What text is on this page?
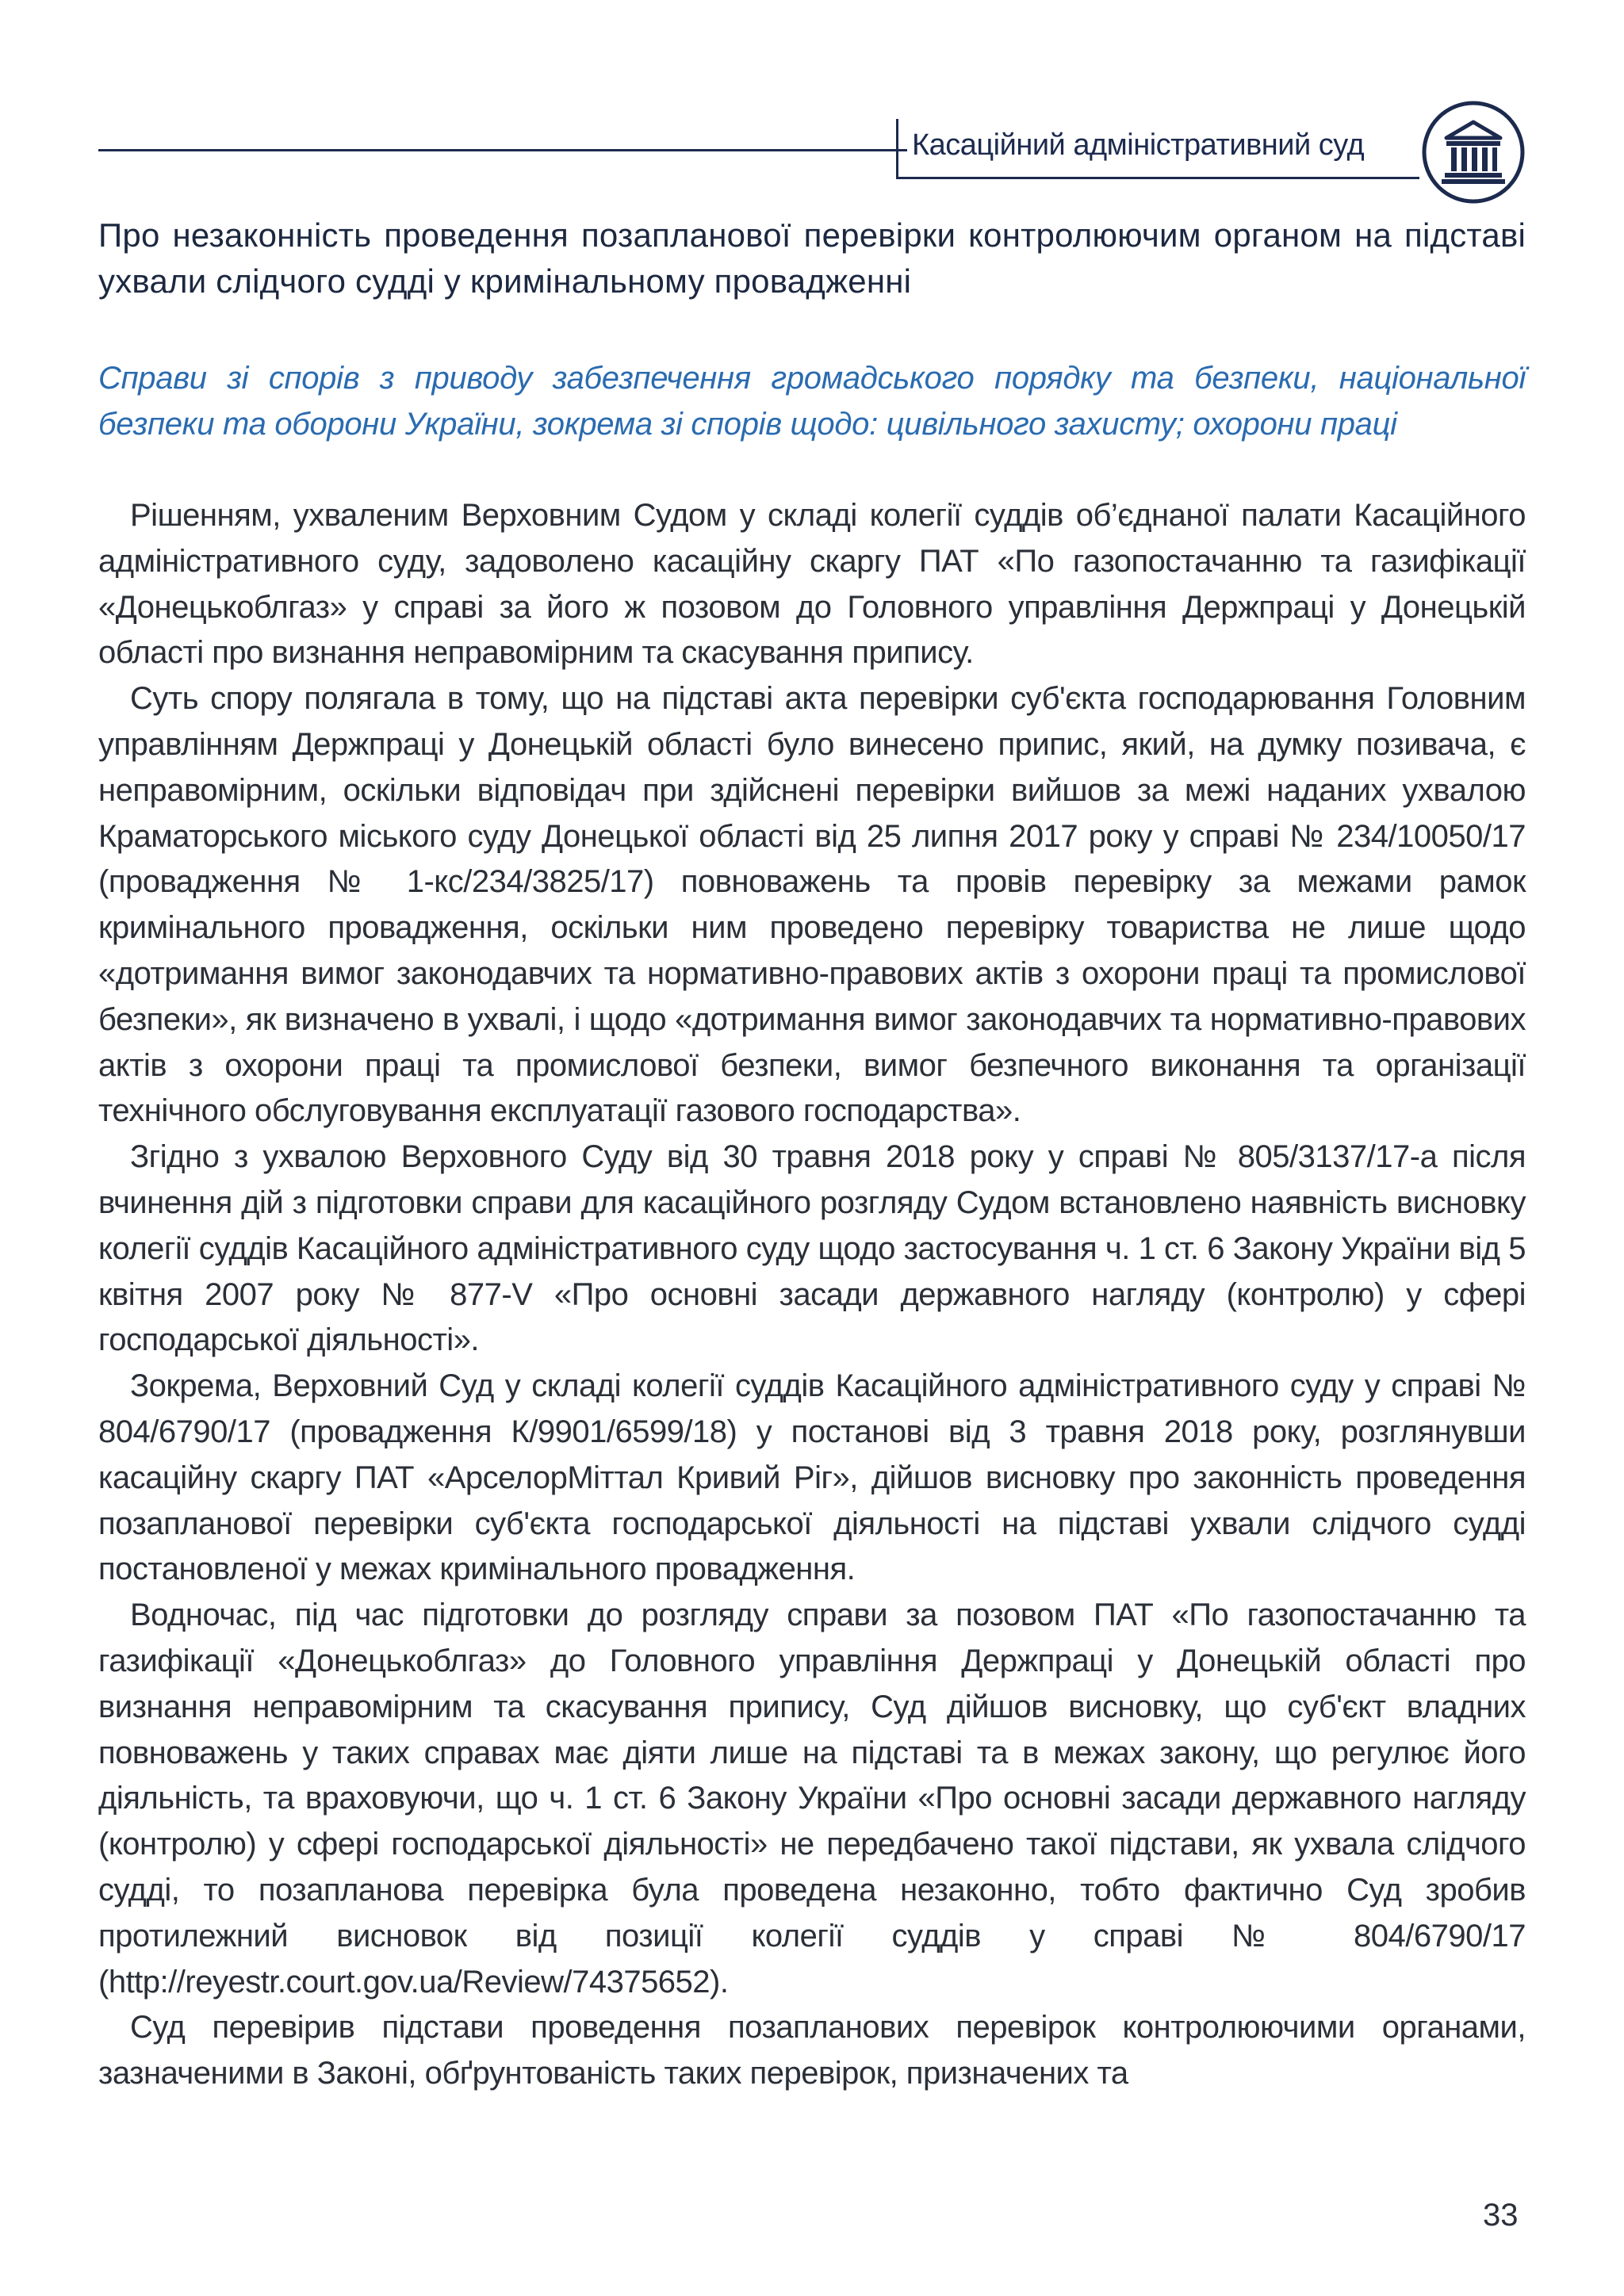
Касаційний адміністративний суд
Про незаконність проведення позапланової перевірки контролюючим органом на підставі ухвали слідчого судді у кримінальному провадженні

Справи зі спорів з приводу забезпечення громадського порядку та безпеки, національної безпеки та оборони України, зокрема зі спорів щодо: цивільного захисту; охорони праці

Рішенням, ухваленим Верховним Судом у складі колегії суддів об’єднаної палати Касаційного адміністративного суду, задоволено касаційну скаргу ПАТ «По газопостачанню та газифікації «Донецькоблгаз» у справі за його ж позовом до Головного управління Держпраці у Донецькій області про визнання неправомірним та скасування припису.

Суть спору полягала в тому, що на підставі акта перевірки суб'єкта господарювання Головним управлінням Держпраці у Донецькій області було винесено припис, який, на думку позивача, є неправомірним, оскільки відповідач при здійснені перевірки вийшов за межі наданих ухвалою Краматорського міського суду Донецької області від 25 липня 2017 року у справі № 234/10050/17 (провадження № 1-кс/234/3825/17) повноважень та провів перевірку за межами рамок кримінального провадження, оскільки ним проведено перевірку товариства не лише щодо «дотримання вимог законодавчих та нормативно-правових актів з охорони праці та промислової безпеки», як визначено в ухвалі, і щодо «дотримання вимог законодавчих та нормативно-правових актів з охорони праці та промислової безпеки, вимог безпечного виконання та організації технічного обслуговування експлуатації газового господарства».

Згідно з ухвалою Верховного Суду від 30 травня 2018 року у справі № 805/3137/17-а після вчинення дій з підготовки справи для касаційного розгляду Судом встановлено наявність висновку колегії суддів Касаційного адміністративного суду щодо застосування ч. 1 ст. 6 Закону України від 5 квітня 2007 року № 877-V «Про основні засади державного нагляду (контролю) у сфері господарської діяльності».

Зокрема, Верховний Суд у складі колегії суддів Касаційного адміністративного суду у справі № 804/6790/17 (провадження К/9901/6599/18) у постанові від 3 травня 2018 року, розглянувши касаційну скаргу ПАТ «АрселорМіттал Кривий Ріг», дійшов висновку про законність проведення позапланової перевірки суб'єкта господарської діяльності на підставі ухвали слідчого судді постановленої у межах кримінального провадження.

Водночас, під час підготовки до розгляду справи за позовом ПАТ «По газопостачанню та газифікації «Донецькоблгаз» до Головного управління Держпраці у Донецькій області про визнання неправомірним та скасування припису, Суд дійшов висновку, що суб'єкт владних повноважень у таких справах має діяти лише на підставі та в межах закону, що регулює його діяльність, та враховуючи, що ч. 1 ст. 6 Закону України «Про основні засади державного нагляду (контролю) у сфері господарської діяльності» не передбачено такої підстави, як ухвала слідчого судді, то позапланова перевірка була проведена незаконно, тобто фактично Суд зробив протилежний висновок від позиції колегії суддів у справі № 804/6790/17 (http://reyestr.court.gov.ua/Review/74375652).

Суд перевірив підстави проведення позапланових перевірок контролюючими органами, зазначеними в Законі, обґрунтованість таких перевірок, призначених та

33
